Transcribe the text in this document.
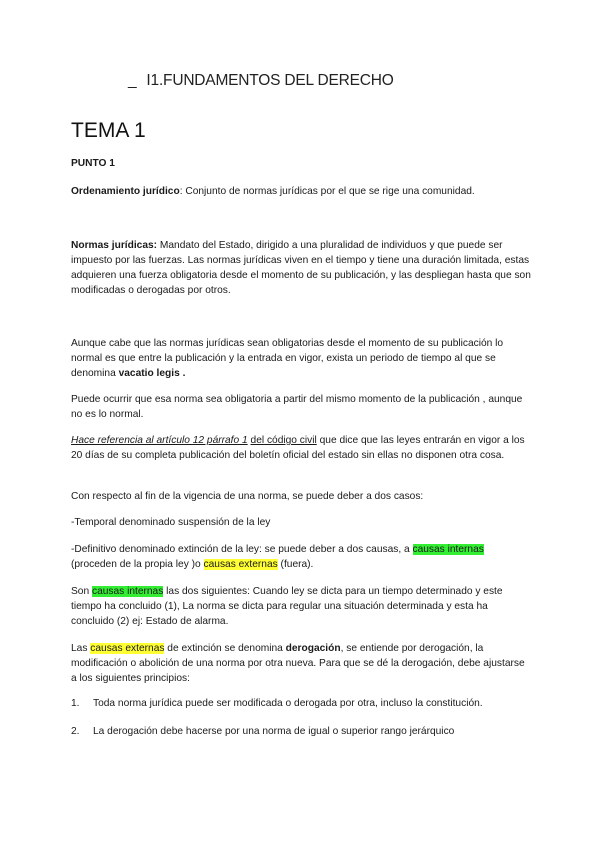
_ I1.FUNDAMENTOS DEL DERECHO
TEMA 1
PUNTO 1
Ordenamiento jurídico: Conjunto de normas jurídicas por el que se rige una comunidad.
Normas jurídicas: Mandato del Estado, dirigido a una pluralidad de individuos y que puede ser impuesto por las fuerzas. Las normas jurídicas viven en el tiempo y tiene una duración limitada, estas adquieren una fuerza obligatoria desde el momento de su publicación, y las despliegan hasta que son modificadas o derogadas por otros.
Aunque cabe que las normas jurídicas sean obligatorias desde el momento de su publicación lo normal es que entre la publicación y la entrada en vigor, exista un periodo de tiempo al que se denomina vacatio legis .
Puede ocurrir que esa norma sea obligatoria a partir del mismo momento de la publicación , aunque no es lo normal.
Hace referencia al artículo 12 párrafo 1 del código civil que dice que las leyes entrarán en vigor a los 20 días de su completa publicación del boletín oficial del estado sin ellas no disponen otra cosa.
Con respecto al fin de la vigencia de una norma, se puede deber a dos casos:
-Temporal denominado suspensión de la ley
-Definitivo denominado extinción de la ley: se puede deber a dos causas, a causas internas (proceden de la propia ley )o causas externas (fuera).
Son causas internas las dos siguientes: Cuando ley se dicta para un tiempo determinado y este tiempo ha concluido (1), La norma se dicta para regular una situación determinada y esta ha concluido (2) ej: Estado de alarma.
Las causas externas de extinción se denomina derogación, se entiende por derogación, la modificación o abolición de una norma por otra nueva. Para que se dé la derogación, debe ajustarse a los siguientes principios:
1.	Toda norma jurídica puede ser modificada o derogada por otra, incluso la constitución.
2.	La derogación debe hacerse por una norma de igual o superior rango jerárquico
